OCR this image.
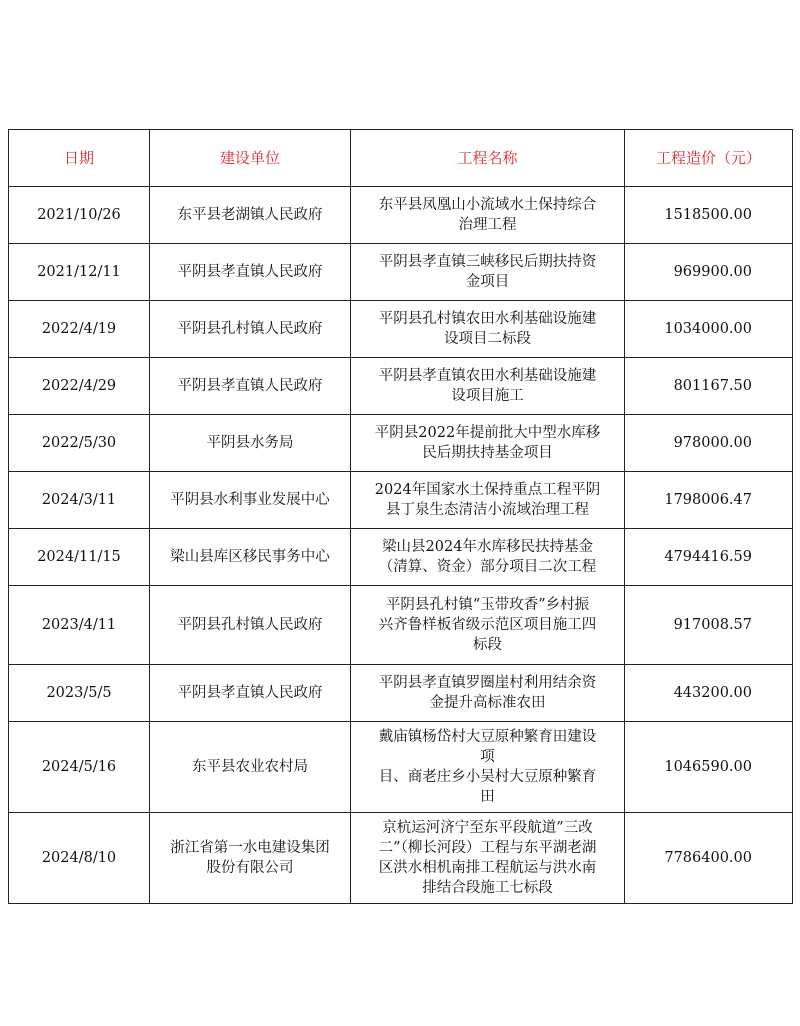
日期	建设单位	工程名称	工程造价（元）
2021/10/26	东平县老湖镇人民政府	东平县凤凰山小流域水土保持综合
治理工程	1518500.00
2021/12/11	平阴县孝直镇人民政府	平阴县孝直镇三峡移民后期扶持资
金项目	969900.00
2022/4/19	平阴县孔村镇人民政府	平阴县孔村镇农田水利基础设施建
设项目二标段	1034000.00
2022/4/29	平阴县孝直镇人民政府	平阴县孝直镇农田水利基础设施建
设项目施工	801167.50
2022/5/30	平阴县水务局	平阴县2022年提前批大中型水库移
民后期扶持基金项目	978000.00
2024/3/11	平阴县水利事业发展中心	2024年国家水土保持重点工程平阴
县丁泉生态清洁小流域治理工程	1798006.47
2024/11/15	梁山县库区移民事务中心	梁山县2024年水库移民扶持基金
（清算、资金）部分项目二次工程	4794416.59
2023/4/11	平阴县孔村镇人民政府	平阴县孔村镇“玉带玫香”乡村振
兴齐鲁样板省级示范区项目施工四
标段	917008.57
2023/5/5	平阴县孝直镇人民政府	平阴县孝直镇罗圈崖村利用结余资
金提升高标准农田	443200.00
2024/5/16	东平县农业农村局	戴庙镇杨岱村大豆原种繁育田建设
项
目、商老庄乡小吴村大豆原种繁育
田	1046590.00
2024/8/10	浙江省第一水电建设集团
股份有限公司	京杭运河济宁至东平段航道”三改
二”（柳长河段）工程与东平湖老湖
区洪水相机南排工程航运与洪水南
排结合段施工七标段	7786400.00
